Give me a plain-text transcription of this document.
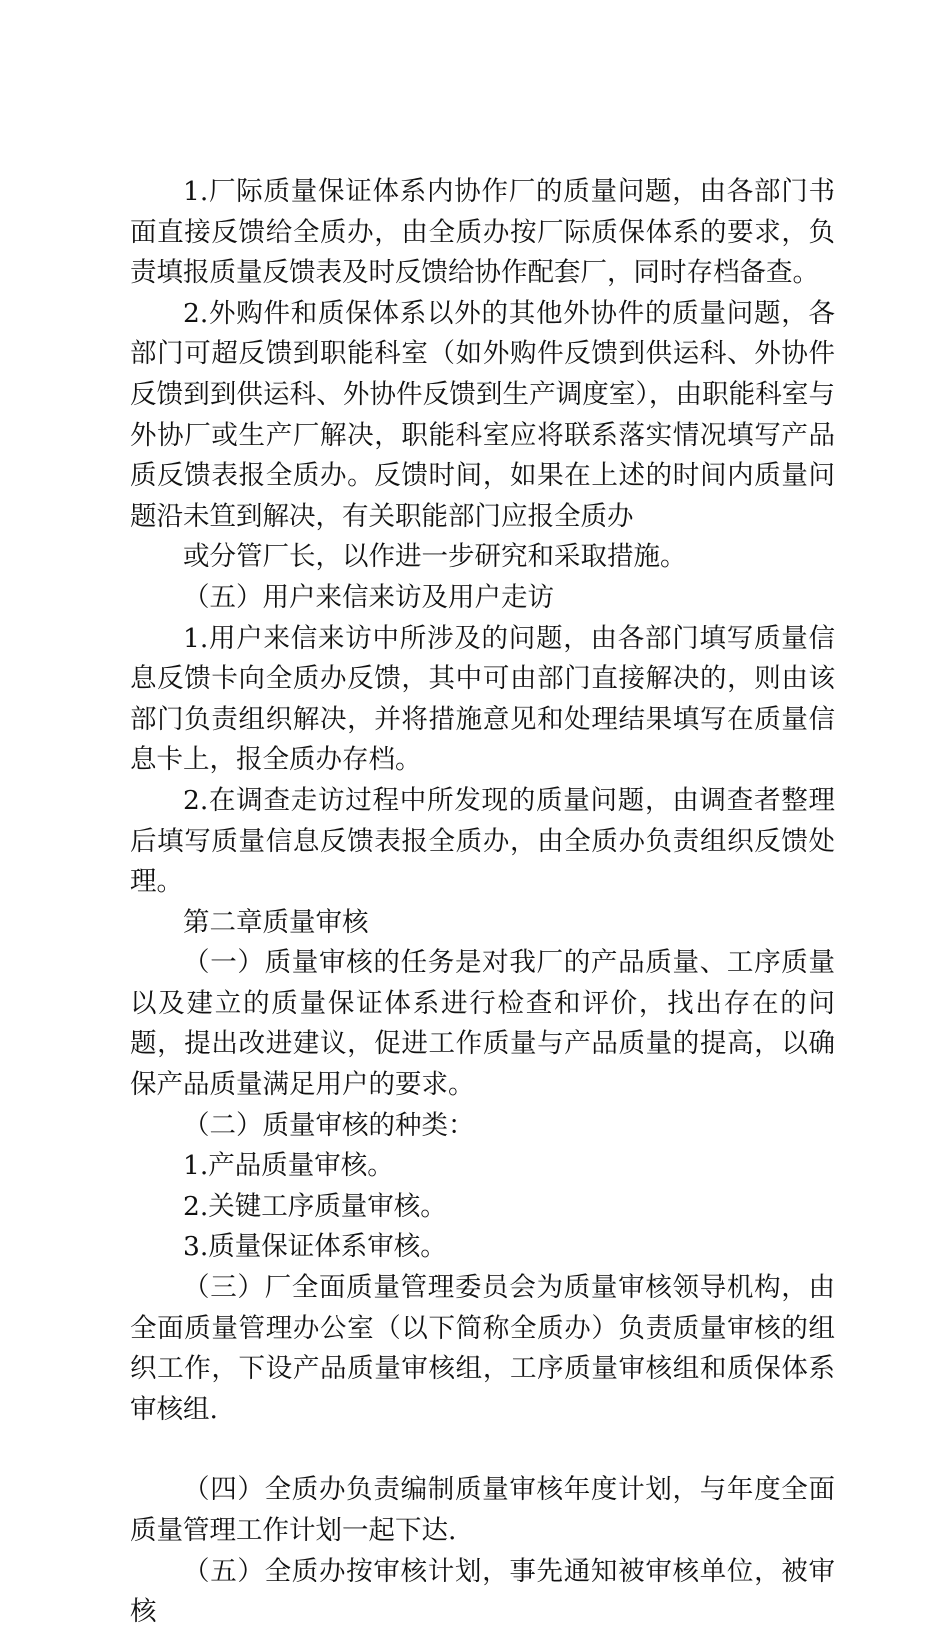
1.厂际质量保证体系内协作厂的质量问题，由各部门书面直接反馈给全质办，由全质办按厂际质保体系的要求，负责填报质量反馈表及时反馈给协作配套厂，同时存档备查。

2.外购件和质保体系以外的其他外协件的质量问题，各部门可超反馈到职能科室（如外购件反馈到供运科、外协件反馈到到供运科、外协件反馈到生产调度室），由职能科室与外协厂或生产厂解决，职能科室应将联系落实情况填写产品质反馈表报全质办。反馈时间，如果在上述的时间内质量问题沿未笪到解决，有关职能部门应报全质办

或分管厂长，以作进一步研究和采取措施。

（五）用户来信来访及用户走访

1.用户来信来访中所涉及的问题，由各部门填写质量信息反馈卡向全质办反馈，其中可由部门直接解决的，则由该部门负责组织解决，并将措施意见和处理结果填写在质量信息卡上，报全质办存档。

2.在调查走访过程中所发现的质量问题，由调查者整理后填写质量信息反馈表报全质办，由全质办负责组织反馈处理。

第二章质量审核

（一）质量审核的任务是对我厂的产品质量、工序质量以及建立的质量保证体系进行检查和评价，找出存在的问题，提出改进建议，促进工作质量与产品质量的提高，以确保产品质量满足用户的要求。

（二）质量审核的种类：

1.产品质量审核。

2.关键工序质量审核。

3.质量保证体系审核。

（三）厂全面质量管理委员会为质量审核领导机构，由全面质量管理办公室（以下简称全质办）负责质量审核的组织工作，下设产品质量审核组，工序质量审核组和质保体系审核组.

（四）全质办负责编制质量审核年度计划，与年度全面质量管理工作计划一起下达.

（五）全质办按审核计划，事先通知被审核单位，被审核
